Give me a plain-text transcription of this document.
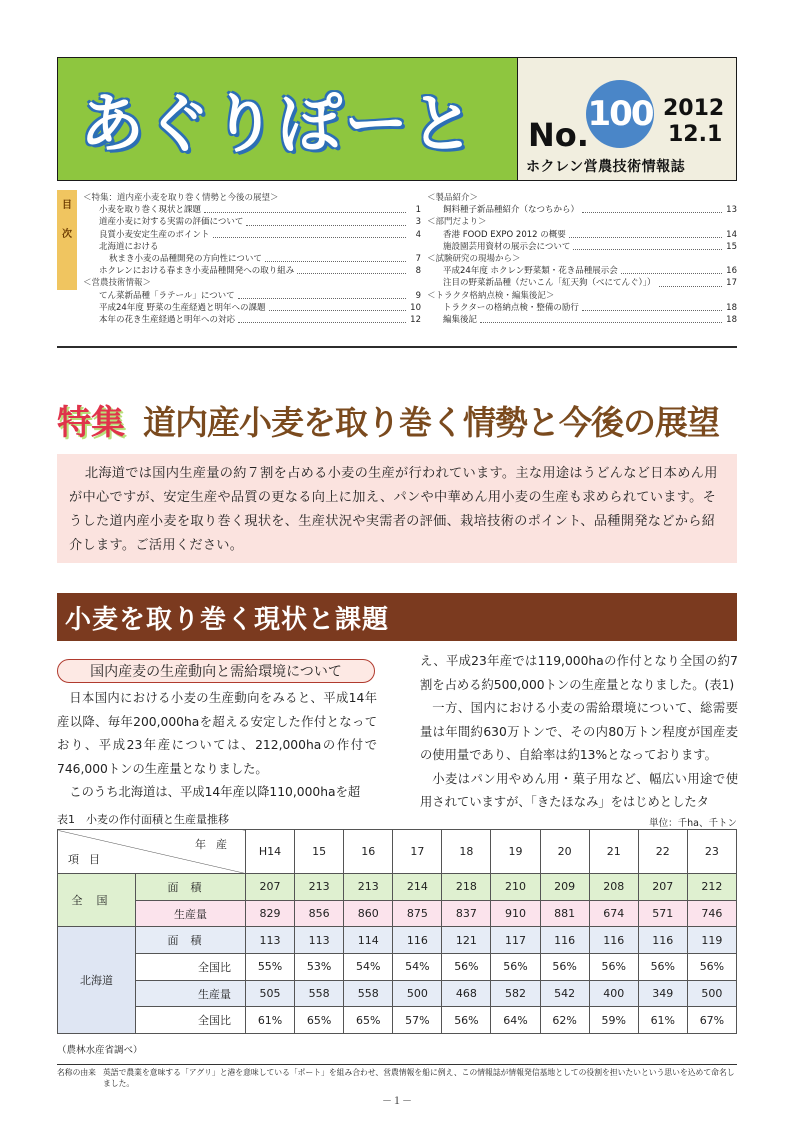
あぐりぽーと No.
100 2012
12.1
ホクレン営農技術情報誌
目
次
＜特集：道内産小麦を取り巻く情勢と今後の展望＞
小麦を取り巻く現状と課題	1
道産小麦に対する実需の評価について	3
良質小麦安定生産のポイント	4
北海道における
秋まき小麦の品種開発の方向性について	7
ホクレンにおける春まき小麦品種開発への取り組み	8
＜営農技術情報＞
てん菜新品種「ラテール」について	9
平成24年度 野菜の生産経過と明年への課題	10
本年の花き生産経過と明年への対応	12
＜製品紹介＞
飼料種子新品種紹介（なつちから）	13
＜部門だより＞
香港 FOOD EXPO 2012 の概要	14
施設園芸用資材の展示会について	15
＜試験研究の現場から＞
平成24年度 ホクレン野菜類・花き品種展示会	16
注目の野菜新品種（だいこん「紅天狗（べにてんぐ）」）	17
＜トラクタ格納点検・編集後記＞
トラクターの格納点検・整備の励行	18
編集後記	18
特集 道内産小麦を取り巻く情勢と今後の展望

北海道では国内生産量の約７割を占める小麦の生産が行われています。主な用途はうどんなど日本めん用が中心ですが、安定生産や品質の更なる向上に加え、パンや中華めん用小麦の生産も求められています。そうした道内産小麦を取り巻く現状を、生産状況や実需者の評価、栽培技術のポイント、品種開発などから紹介します。ご活用ください。

小麦を取り巻く現状と課題
国内産麦の生産動向と需給環境について

日本国内における小麦の生産動向をみると、平成14年産以降、毎年200,000haを超える安定した作付となっており、平成23年産については、212,000haの作付で746,000トンの生産量となりました。

このうち北海道は、平成14年産以降110,000haを超

え、平成23年産では119,000haの作付となり全国の約7割を占める約500,000トンの生産量となりました。(表1)

一方、国内における小麦の需給環境について、総需要量は年間約630万トンで、その内80万トン程度が国産麦の使用量であり、自給率は約13%となっております。

小麦はパン用やめん用・菓子用など、幅広い用途で使用されていますが、「きたほなみ」をはじめとしたタ

表1　小麦の作付面積と生産量推移	単位：千ha、千トン
年産
項目		H14	15	16	17	18	19	20	21	22	23
全国	面積	207	213	213	214	218	210	209	208	207	212
	生産量	829	856	860	875	837	910	881	674	571	746
北海道	面積	113	113	114	116	121	117	116	116	116	119
	全国比	55%	53%	54%	54%	56%	56%	56%	56%	56%	56%
	生産量	505	558	558	500	468	582	542	400	349	500
	全国比	61%	65%	65%	57%	56%	64%	62%	59%	61%	67%
（農林水産省調べ）
名称の由来 英語で農業を意味する「アグリ」と港を意味している「ポート」を組み合わせ、営農情報を船に例え、この情報誌が情報発信基地としての役割を担いたいという思いを込めて命名しました。
－１－
